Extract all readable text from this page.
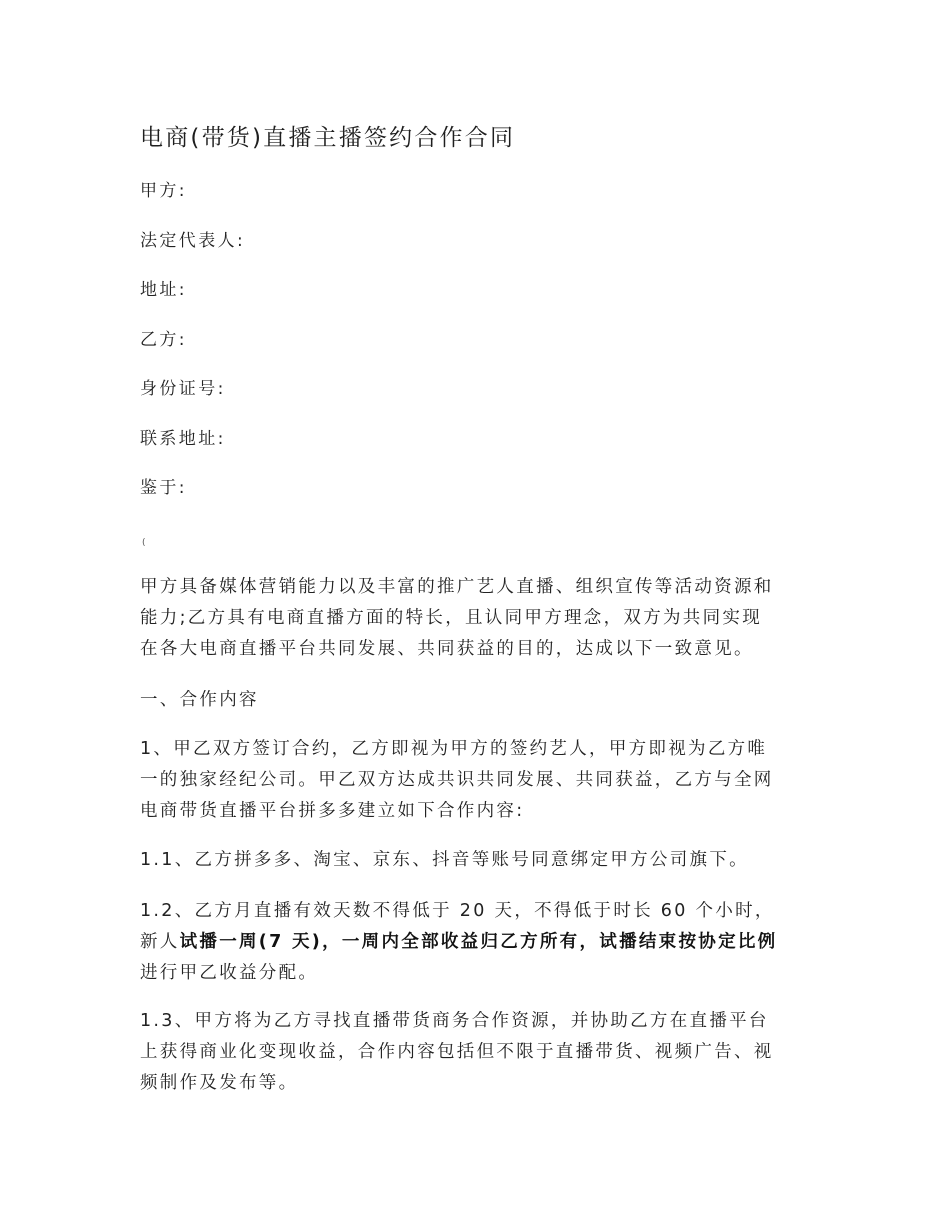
电商(带货)直播主播签约合作合同
甲方:
法定代表人:
地址:
乙方:
身份证号:
联系地址:
鉴于:
(

甲方具备媒体营销能力以及丰富的推广艺人直播、组织宣传等活动资源和
能力;乙方具有电商直播方面的特长，且认同甲方理念，双方为共同实现
在各大电商直播平台共同发展、共同获益的目的，达成以下一致意见。

一、合作内容

1、甲乙双方签订合约，乙方即视为甲方的签约艺人，甲方即视为乙方唯
一的独家经纪公司。甲乙双方达成共识共同发展、共同获益，乙方与全网
电商带货直播平台拼多多建立如下合作内容:

1.1、乙方拼多多、淘宝、京东、抖音等账号同意绑定甲方公司旗下。

1.2、乙方月直播有效天数不得低于 20 天，不得低于时长 60 个小时，
新人试播一周(7 天)，一周内全部收益归乙方所有，试播结束按协定比例
进行甲乙收益分配。

1.3、甲方将为乙方寻找直播带货商务合作资源，并协助乙方在直播平台
上获得商业化变现收益，合作内容包括但不限于直播带货、视频广告、视
频制作及发布等。
